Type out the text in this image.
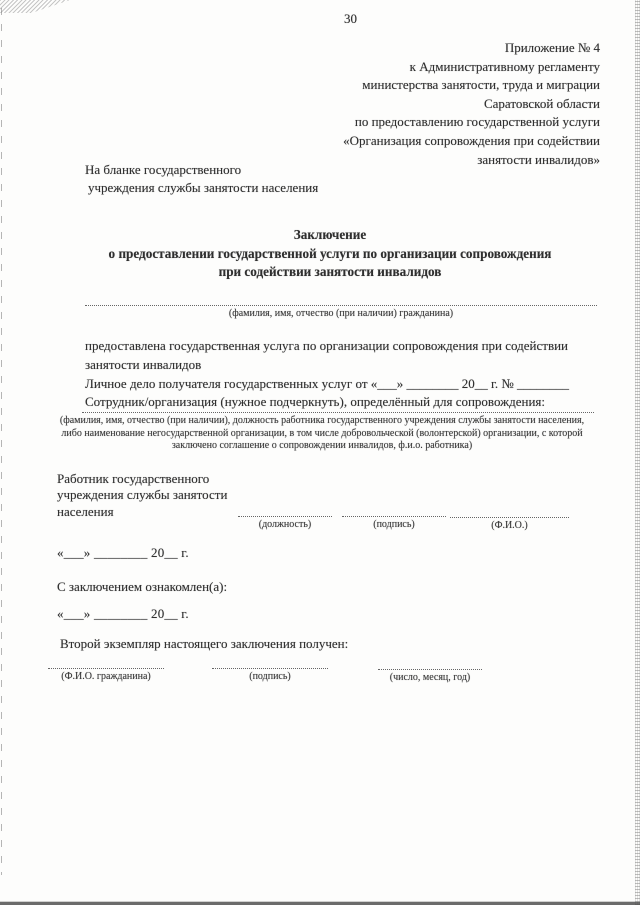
30
Приложение № 4
к Административному регламенту
министерства занятости, труда и миграции
Саратовской области
по предоставлению государственной услуги
«Организация сопровождения при содействии
занятости инвалидов»
На бланке государственного
учреждения службы занятости населения
Заключение
о предоставлении государственной услуги по организации сопровождения
при содействии занятости инвалидов
(фамилия, имя, отчество (при наличии) гражданина)
предоставлена государственная услуга по организации сопровождения при содействии
занятости инвалидов
Личное дело получателя государственных услуг от «___» ________ 20__ г. № ________
Сотрудник/организация (нужное подчеркнуть), определённый для сопровождения:
(фамилия, имя, отчество (при наличии), должность работника государственного учреждения службы занятости населения, либо наименование негосударственной организации, в том числе добровольческой (волонтерской) организации, с которой заключено соглашение о сопровождении инвалидов, ф.и.о. работника)
Работник государственного
учреждения службы занятости
населения
(должность)	(подпись)	(Ф.И.О.)
«___» ________ 20__ г.
С заключением ознакомлен(а):
«___» ________ 20__ г.
Второй экземпляр настоящего заключения получен:
(Ф.И.О. гражданина)	(подпись)	(число, месяц, год)
